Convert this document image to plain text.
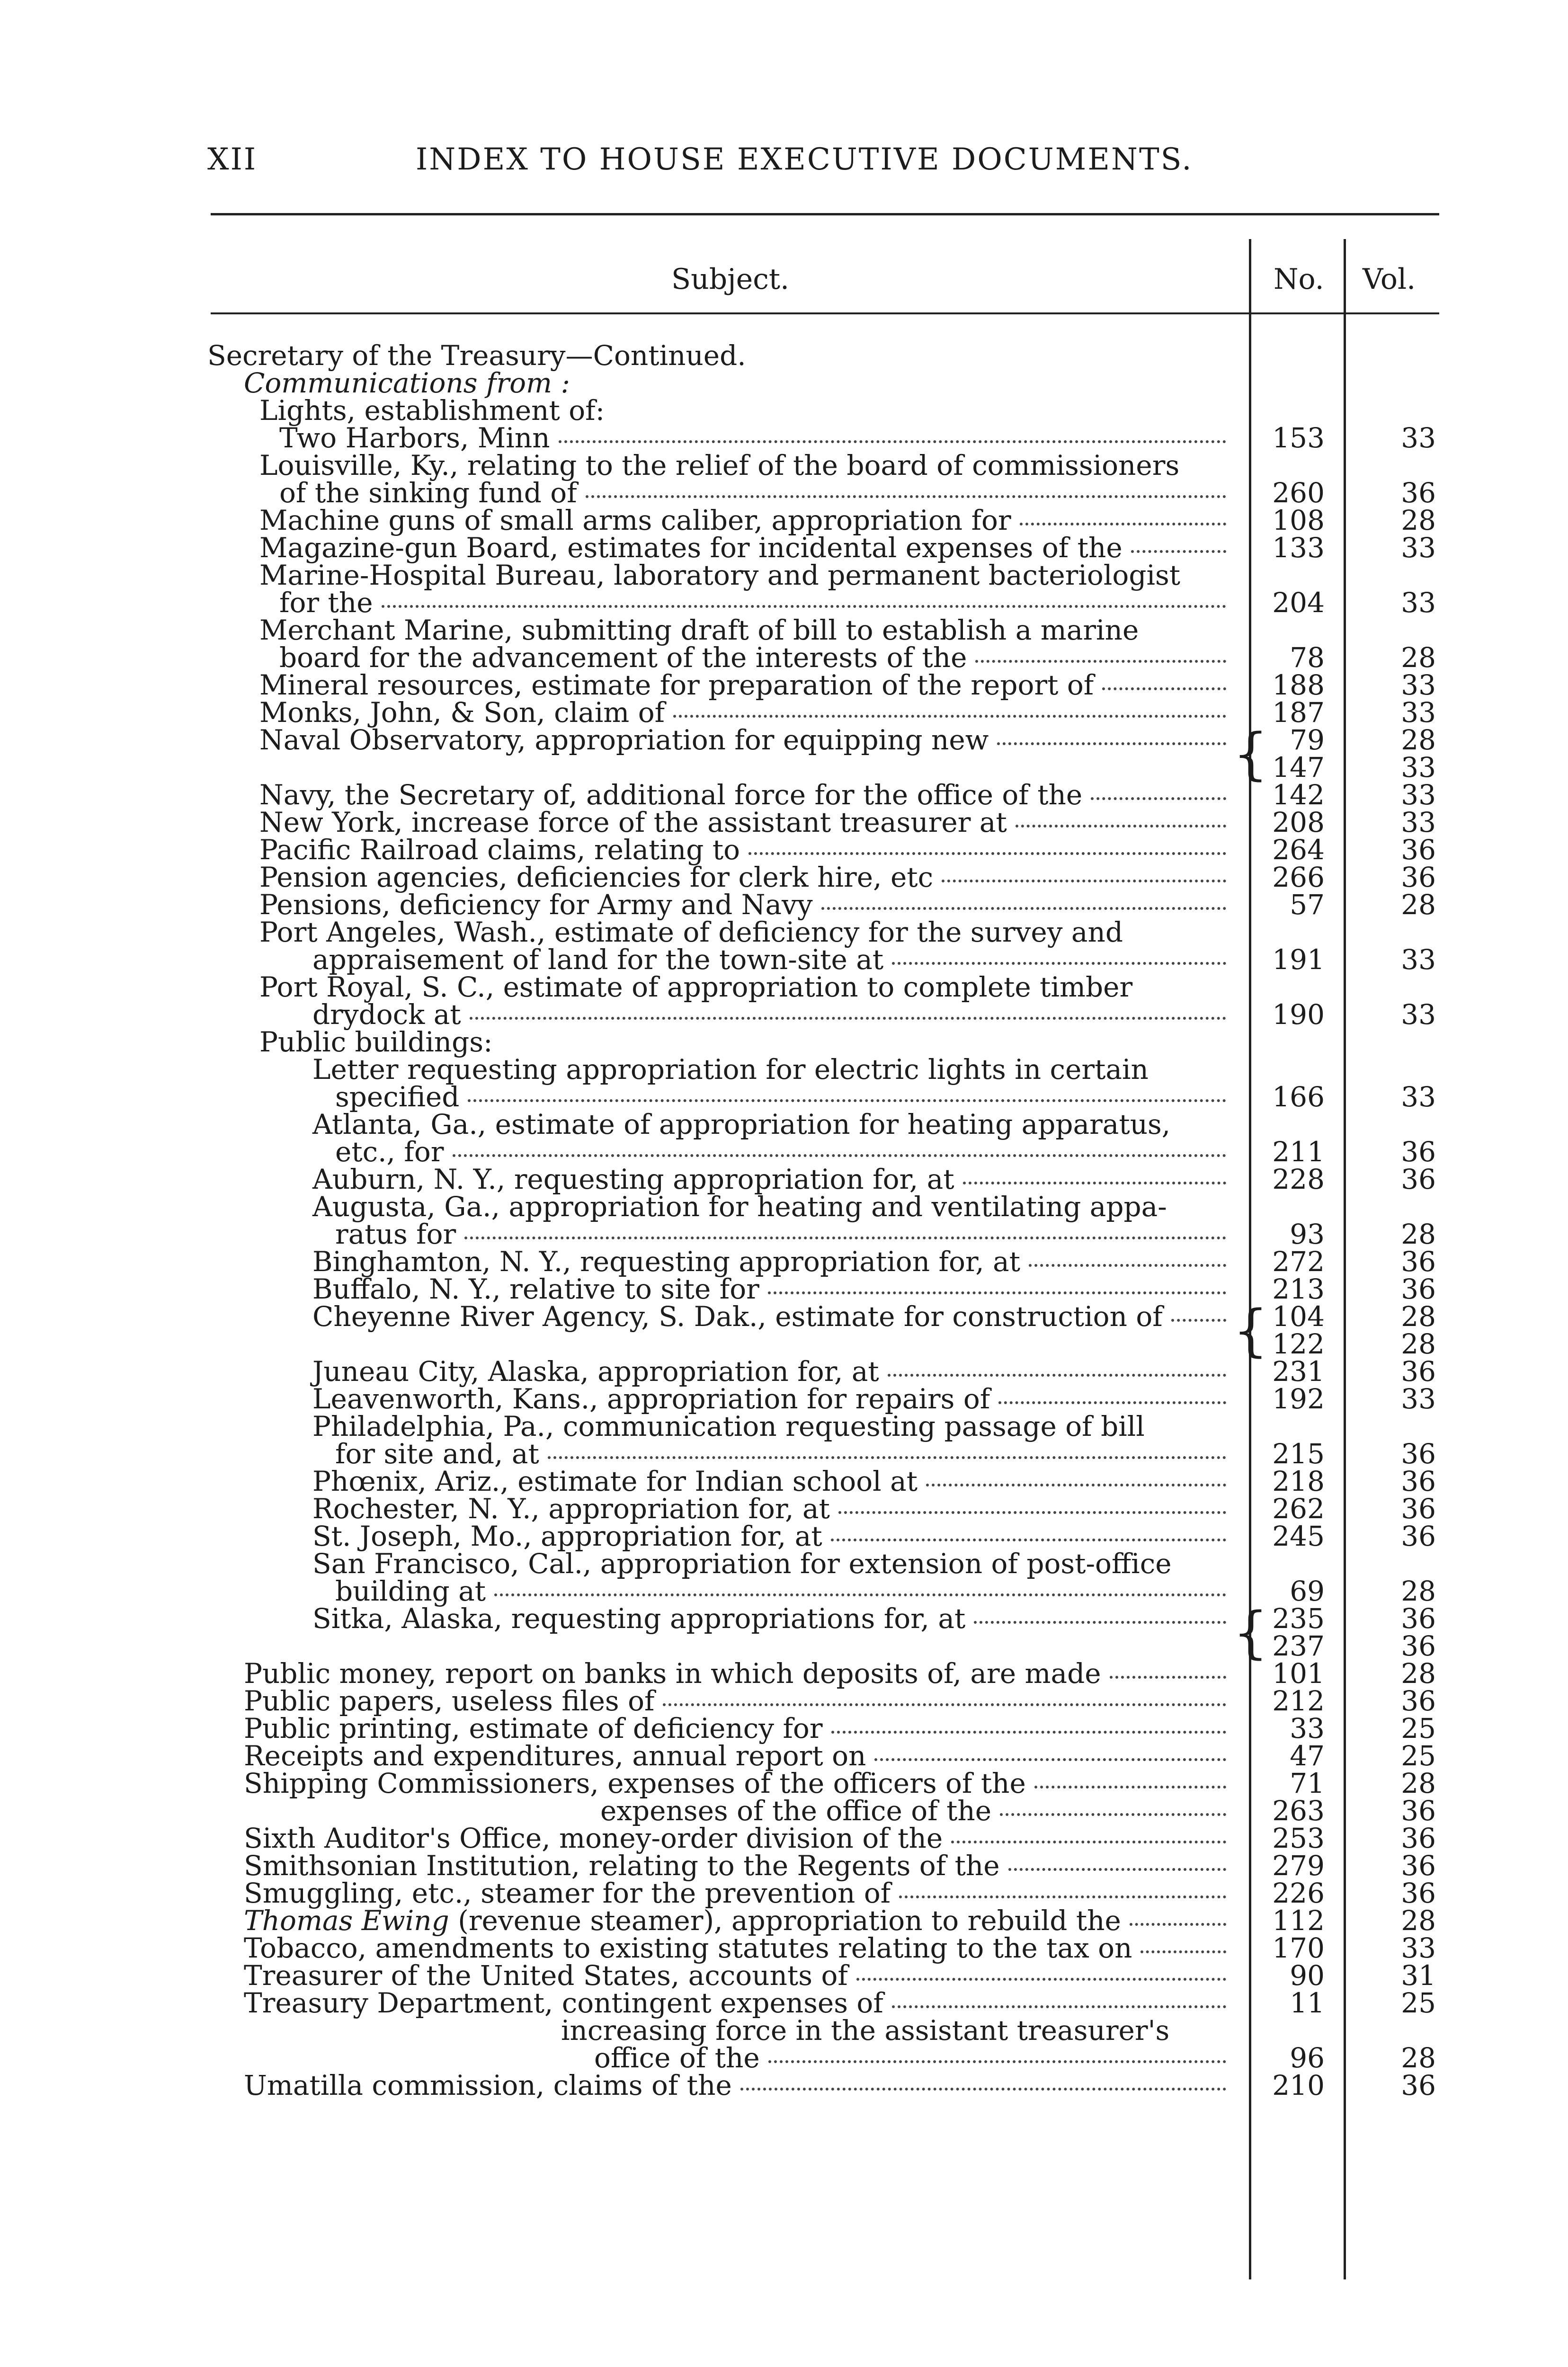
XII	INDEX TO HOUSE EXECUTIVE DOCUMENTS.
Subject.	No. Vol.
Secretary of the Treasury—Continued.
Communications from :
Lights, establishment of:
Two Harbors, Minn	153	33
Louisville, Ky., relating to the relief of the board of commissioners
of the sinking fund of	260	36
Machine guns of small arms caliber, appropriation for	108	28
Magazine-gun Board, estimates for incidental expenses of the	133	33
Marine-Hospital Bureau, laboratory and permanent bacteriologist
for the	204	33
Merchant Marine, submitting draft of bill to establish a marine
board for the advancement of the interests of the	78	28
Mineral resources, estimate for preparation of the report of	188	33
Monks, John, & Son, claim of	187	33
Naval Observatory, appropriation for equipping new	{ 79	28
147	33
Navy, the Secretary of, additional force for the office of the	142	33
New York, increase force of the assistant treasurer at	208	33
Pacific Railroad claims, relating to	264	36
Pension agencies, deficiencies for clerk hire, etc	266	36
Pensions, deficiency for Army and Navy	57	28
Port Angeles, Wash., estimate of deficiency for the survey and
appraisement of land for the town-site at	191	33
Port Royal, S. C., estimate of appropriation to complete timber
drydock at	190	33
Public buildings:
Letter requesting appropriation for electric lights in certain
specified	166	33
Atlanta, Ga., estimate of appropriation for heating apparatus,
etc., for	211	36
Auburn, N. Y., requesting appropriation for, at	228	36
Augusta, Ga., appropriation for heating and ventilating appa-
ratus for	93	28
Binghamton, N. Y., requesting appropriation for, at	272	36
Buffalo, N. Y., relative to site for	213	36
Cheyenne River Agency, S. Dak., estimate for construction of { 104	28
122	28
Juneau City, Alaska, appropriation for, at	231	36
Leavenworth, Kans., appropriation for repairs of	192	33
Philadelphia, Pa., communication requesting passage of bill
for site and, at	215	36
Phœnix, Ariz., estimate for Indian school at	218	36
Rochester, N. Y., appropriation for, at	262	36
St. Joseph, Mo., appropriation for, at	245	36
San Francisco, Cal., appropriation for extension of post-office
building at	69	28
Sitka, Alaska, requesting appropriations for, at	{ 235	36
237	36
Public money, report on banks in which deposits of, are made	101	28
Public papers, useless files of	212	36
Public printing, estimate of deficiency for	33	25
Receipts and expenditures, annual report on	47	25
Shipping Commissioners, expenses of the officers of the	71	28
expenses of the office of the	263	36
Sixth Auditor's Office, money-order division of the	253	36
Smithsonian Institution, relating to the Regents of the	279	36
Smuggling, etc., steamer for the prevention of	226	36
Thomas Ewing (revenue steamer), appropriation to rebuild the	112	28
Tobacco, amendments to existing statutes relating to the tax on	170	33
Treasurer of the United States, accounts of	90	31
Treasury Department, contingent expenses of	11	25
increasing force in the assistant treasurer's
office of the	96	28
Umatilla commission, claims of the	210	36
